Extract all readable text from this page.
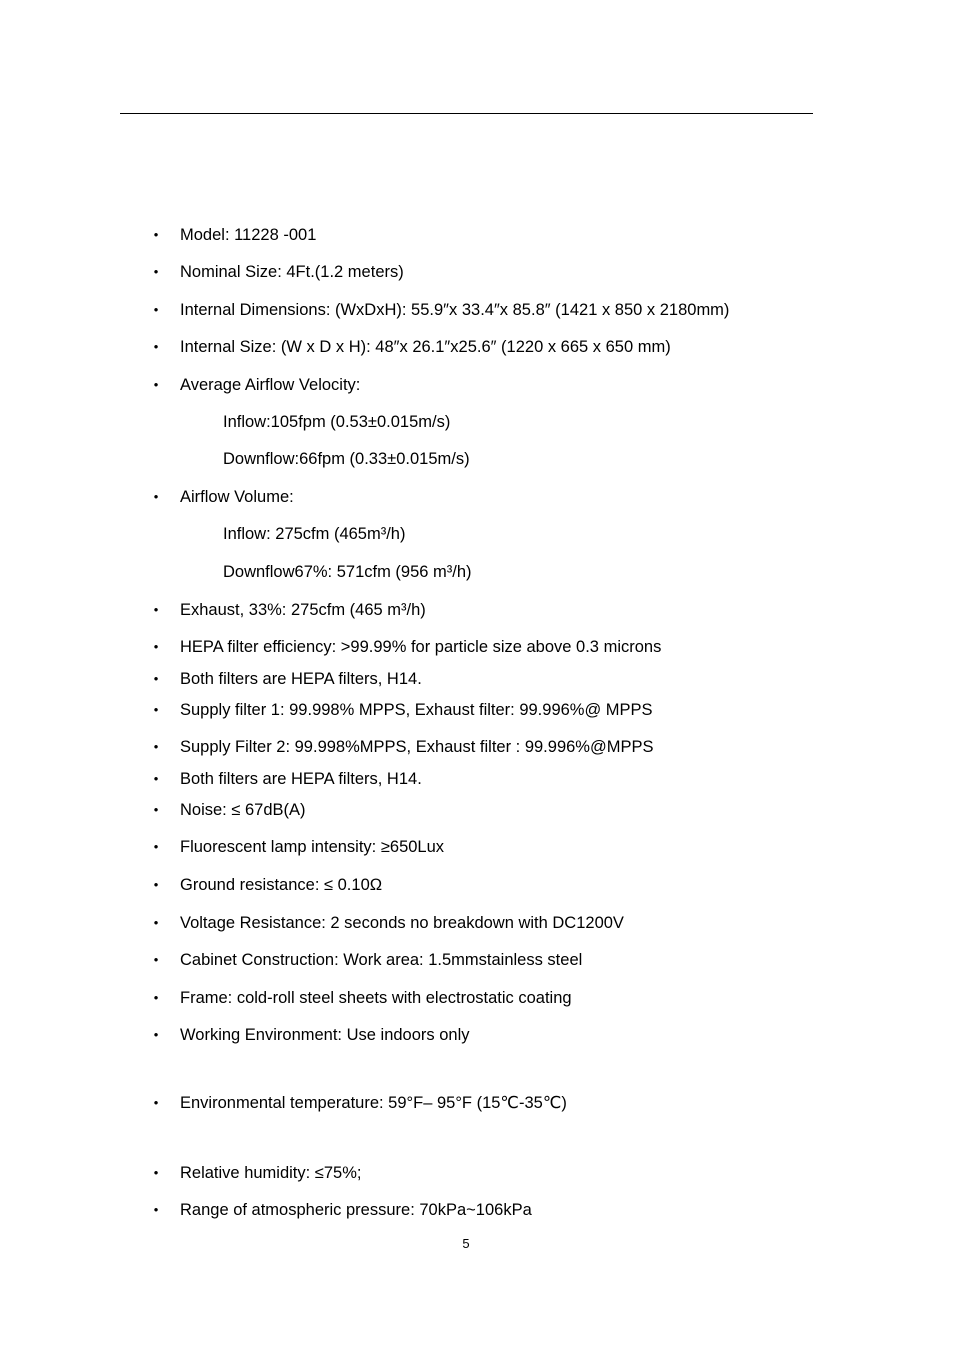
• Model: 11228 -001
• Nominal Size: 4Ft.(1.2 meters)
• Internal Dimensions: (WxDxH): 55.9″x 33.4″x 85.8″ (1421 x 850 x 2180mm)
• Internal Size: (W x D x H): 48″x 26.1″x25.6″ (1220 x 665 x 650 mm)
• Average Airflow Velocity:
Inflow:105fpm (0.53±0.015m/s)
Downflow:66fpm (0.33±0.015m/s)
• Airflow Volume:
Inflow: 275cfm (465m³/h)
Downflow67%: 571cfm (956 m³/h)
• Exhaust, 33%: 275cfm (465 m³/h)
• HEPA filter efficiency: >99.99% for particle size above 0.3 microns
• Both filters are HEPA filters, H14.
• Supply filter 1: 99.998% MPPS, Exhaust filter: 99.996%@ MPPS
• Supply Filter 2: 99.998%MPPS, Exhaust filter : 99.996%@MPPS
• Both filters are HEPA filters, H14.
• Noise: ≤ 67dB(A)
• Fluorescent lamp intensity: ≥650Lux
• Ground resistance: ≤ 0.10Ω
• Voltage Resistance: 2 seconds no breakdown with DC1200V
• Cabinet Construction: Work area: 1.5mmstainless steel
• Frame: cold-roll steel sheets with electrostatic coating
• Working Environment: Use indoors only
• Environmental temperature: 59°F– 95°F (15℃-35℃)
• Relative humidity: ≤75%;
• Range of atmospheric pressure: 70kPa~106kPa
5
